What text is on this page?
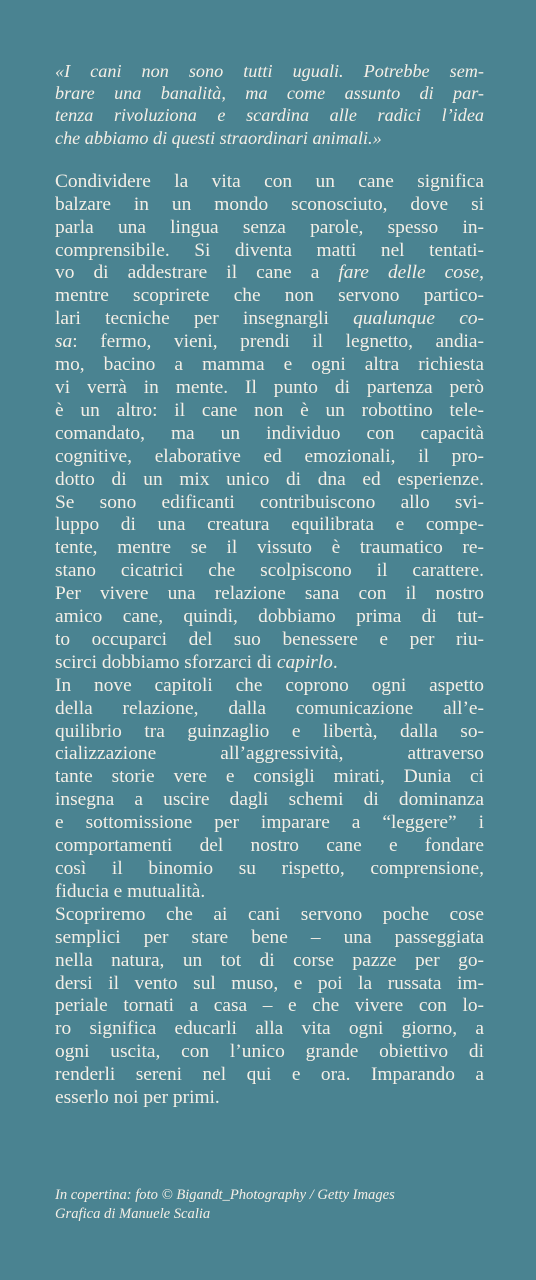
«I cani non sono tutti uguali. Potrebbe sem-
brare una banalità, ma come assunto di par-
tenza rivoluziona e scardina alle radici l’idea
che abbiamo di questi straordinari animali.»

Condividere la vita con un cane significa
balzare in un mondo sconosciuto, dove si
parla una lingua senza parole, spesso in-
comprensibile. Si diventa matti nel tentati-
vo di addestrare il cane a fare delle cose,
mentre scoprirete che non servono partico-
lari tecniche per insegnargli qualunque co-
sa: fermo, vieni, prendi il legnetto, andia-
mo, bacino a mamma e ogni altra richiesta
vi verrà in mente. Il punto di partenza però
è un altro: il cane non è un robottino tele-
comandato, ma un individuo con capacità
cognitive, elaborative ed emozionali, il pro-
dotto di un mix unico di dna ed esperienze.
Se sono edificanti contribuiscono allo svi-
luppo di una creatura equilibrata e compe-
tente, mentre se il vissuto è traumatico re-
stano cicatrici che scolpiscono il carattere.
Per vivere una relazione sana con il nostro
amico cane, quindi, dobbiamo prima di tut-
to occuparci del suo benessere e per riu-
scirci dobbiamo sforzarci di capirlo.

In nove capitoli che coprono ogni aspetto
della relazione, dalla comunicazione all’e-
quilibrio tra guinzaglio e libertà, dalla so-
cializzazione all’aggressività, attraverso
tante storie vere e consigli mirati, Dunia ci
insegna a uscire dagli schemi di dominanza
e sottomissione per imparare a “leggere” i
comportamenti del nostro cane e fondare
così il binomio su rispetto, comprensione,
fiducia e mutualità.

Scopriremo che ai cani servono poche cose
semplici per stare bene – una passeggiata
nella natura, un tot di corse pazze per go-
dersi il vento sul muso, e poi la russata im-
periale tornati a casa – e che vivere con lo-
ro significa educarli alla vita ogni giorno, a
ogni uscita, con l’unico grande obiettivo di
renderli sereni nel qui e ora. Imparando a
esserlo noi per primi.

In copertina: foto © Bigandt_Photography / Getty Images
Grafica di Manuele Scalia
